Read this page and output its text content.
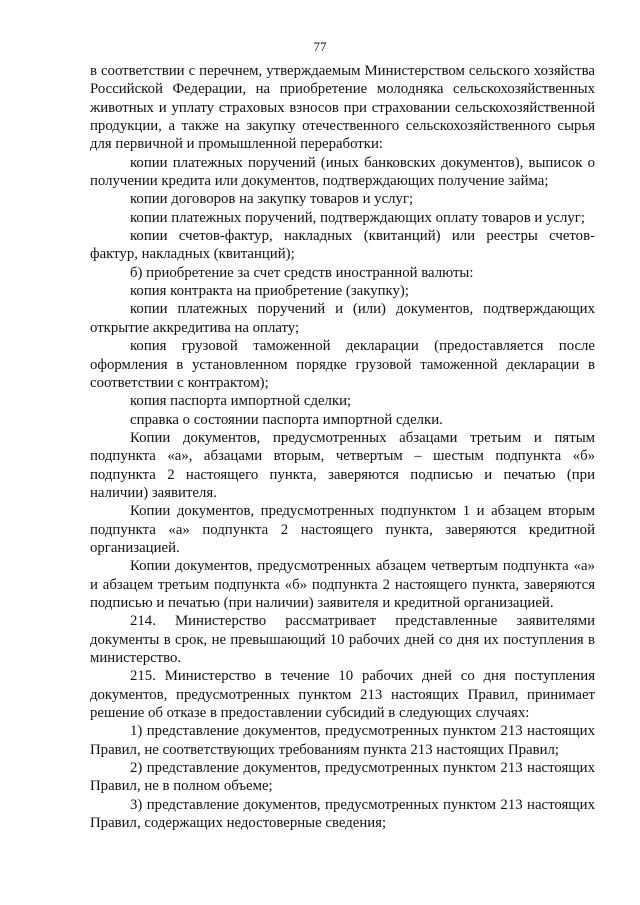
77

в соответствии с перечнем, утверждаемым Министерством сельского хозяйства Российской Федерации, на приобретение молодняка сельскохозяйственных животных и уплату страховых взносов при страховании сельскохозяйственной продукции, а также на закупку отечественного сельскохозяйственного сырья для первичной и промышленной переработки:

копии платежных поручений (иных банковских документов), выписок о получении кредита или документов, подтверждающих получение займа;

копии договоров на закупку товаров и услуг;

копии платежных поручений, подтверждающих оплату товаров и услуг;

копии счетов-фактур, накладных (квитанций) или реестры счетов-фактур, накладных (квитанций);

б) приобретение за счет средств иностранной валюты:

копия контракта на приобретение (закупку);

копии платежных поручений и (или) документов, подтверждающих открытие аккредитива на оплату;

копия грузовой таможенной декларации (предоставляется после оформления в установленном порядке грузовой таможенной декларации в соответствии с контрактом);

копия паспорта импортной сделки;

справка о состоянии паспорта импортной сделки.

Копии документов, предусмотренных абзацами третьим и пятым подпункта «а», абзацами вторым, четвертым – шестым подпункта «б» подпункта 2 настоящего пункта, заверяются подписью и печатью (при наличии) заявителя.

Копии документов, предусмотренных подпунктом 1 и абзацем вторым подпункта «а» подпункта 2 настоящего пункта, заверяются кредитной организацией.

Копии документов, предусмотренных абзацем четвертым подпункта «а» и абзацем третьим подпункта «б» подпункта 2 настоящего пункта, заверяются подписью и печатью (при наличии) заявителя и кредитной организацией.

214. Министерство рассматривает представленные заявителями документы в срок, не превышающий 10 рабочих дней со дня их поступления в министерство.

215. Министерство в течение 10 рабочих дней со дня поступления документов, предусмотренных пунктом 213 настоящих Правил, принимает решение об отказе в предоставлении субсидий в следующих случаях:

1) представление документов, предусмотренных пунктом 213 настоящих Правил, не соответствующих требованиям пункта 213 настоящих Правил;

2) представление документов, предусмотренных пунктом 213 настоящих Правил, не в полном объеме;

3) представление документов, предусмотренных пунктом 213 настоящих Правил, содержащих недостоверные сведения;
